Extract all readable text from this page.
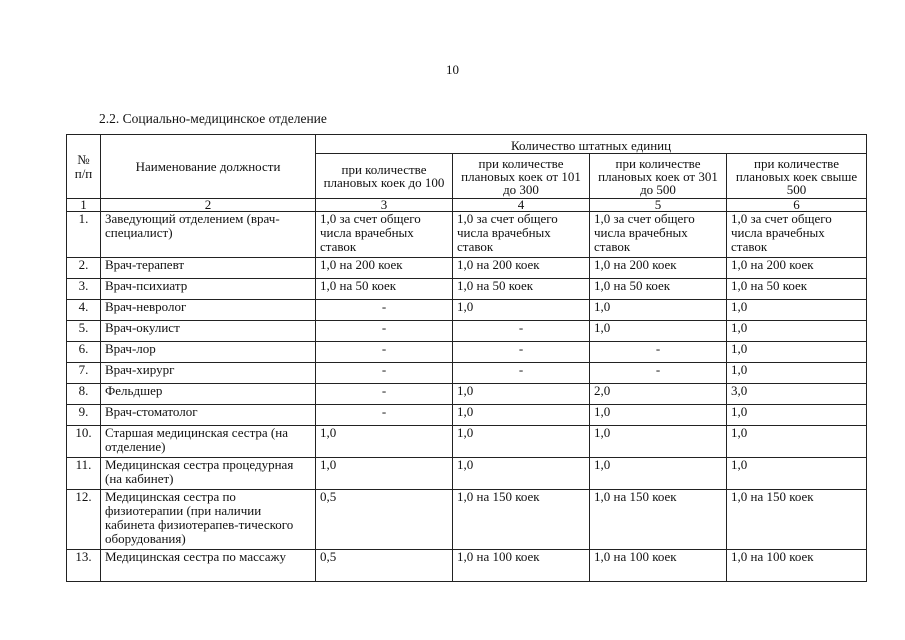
10
2.2. Социально-медицинское отделение
№ п/п	Наименование должности	Количество штатных единиц			
		при количестве плановых коек до 100	при количестве плановых коек от 101 до 300	при количестве плановых коек от 301 до 500	при количестве плановых коек свыше 500
1	2	3	4	5	6
1.	Заведующий отделением (врач-специалист)	1,0 за счет общего числа врачебных ставок	1,0 за счет общего числа врачебных ставок	1,0 за счет общего числа врачебных ставок	1,0 за счет общего числа врачебных ставок
2.	Врач-терапевт	1,0 на 200 коек	1,0 на 200 коек	1,0 на 200 коек	1,0 на 200 коек
3.	Врач-психиатр	1,0 на 50 коек	1,0 на 50 коек	1,0 на 50 коек	1,0 на 50 коек
4.	Врач-невролог	-	1,0	1,0	1,0
5.	Врач-окулист	-	-	1,0	1,0
6.	Врач-лор	-	-	-	1,0
7.	Врач-хирург	-	-	-	1,0
8.	Фельдшер	-	1,0	2,0	3,0
9.	Врач-стоматолог	-	1,0	1,0	1,0
10.	Старшая медицинская сестра (на отделение)	1,0	1,0	1,0	1,0
11.	Медицинская сестра процедурная (на кабинет)	1,0	1,0	1,0	1,0
12.	Медицинская сестра по физиотерапии (при наличии кабинета физиотерапев-тического оборудования)	0,5	1,0 на 150 коек	1,0 на 150 коек	1,0 на 150 коек
13.	Медицинская сестра по массажу	0,5	1,0 на 100 коек	1,0 на 100 коек	1,0 на 100 коек
